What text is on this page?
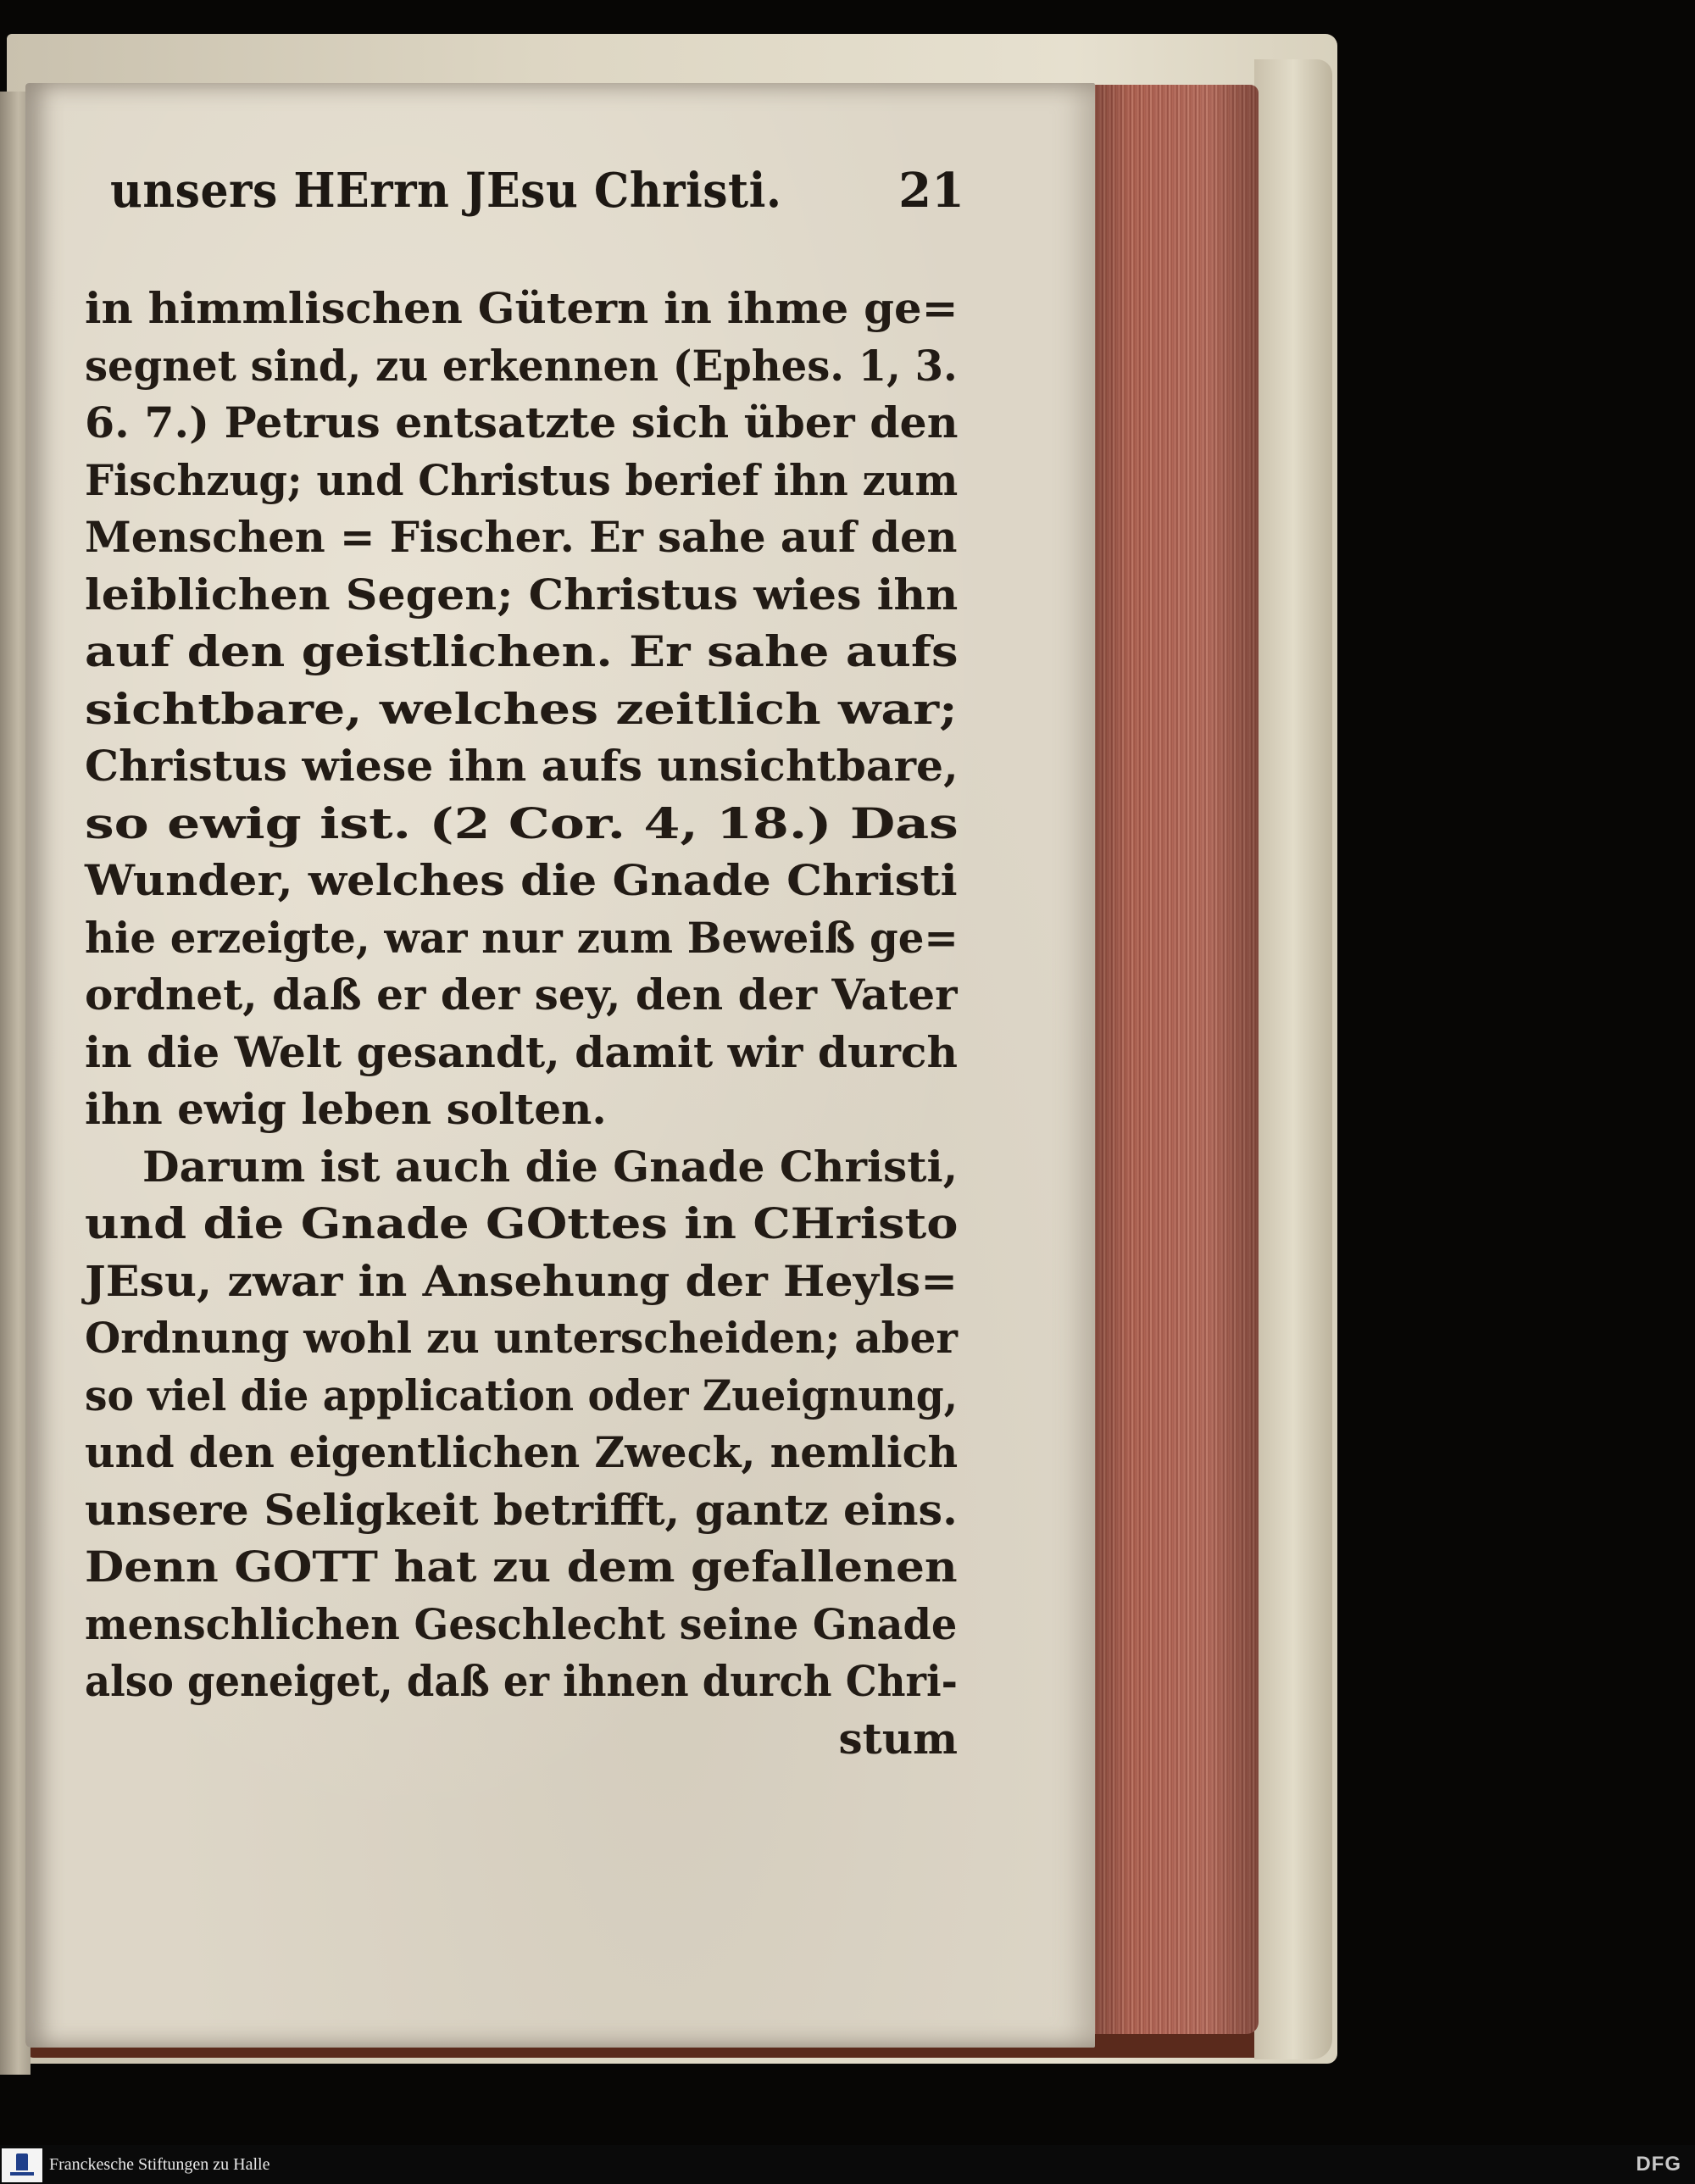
unsers HErrn JEsu Christi.	21
in himmlischen Gütern in ihme ge=
segnet sind, zu erkennen (Ephes. 1, 3.
6. 7.) Petrus entsatzte sich über den
Fischzug; und Christus berief ihn zum
Menschen = Fischer. Er sahe auf den
leiblichen Segen; Christus wies ihn
auf den geistlichen. Er sahe aufs
sichtbare, welches zeitlich war;
Christus wiese ihn aufs unsichtbare,
so ewig ist. (2 Cor. 4, 18.) Das
Wunder, welches die Gnade Christi
hie erzeigte, war nur zum Beweiß ge=
ordnet, daß er der sey, den der Vater
in die Welt gesandt, damit wir durch
ihn ewig leben solten.
Darum ist auch die Gnade Christi,
und die Gnade GOttes in CHristo
JEsu, zwar in Ansehung der Heyls=
Ordnung wohl zu unterscheiden; aber
so viel die application oder Zueignung,
und den eigentlichen Zweck, nemlich
unsere Seligkeit betrifft, gantz eins.
Denn GOTT hat zu dem gefallenen
menschlichen Geschlecht seine Gnade
also geneiget, daß er ihnen durch Chri-
stum
Franckesche Stiftungen zu Halle	DFG
